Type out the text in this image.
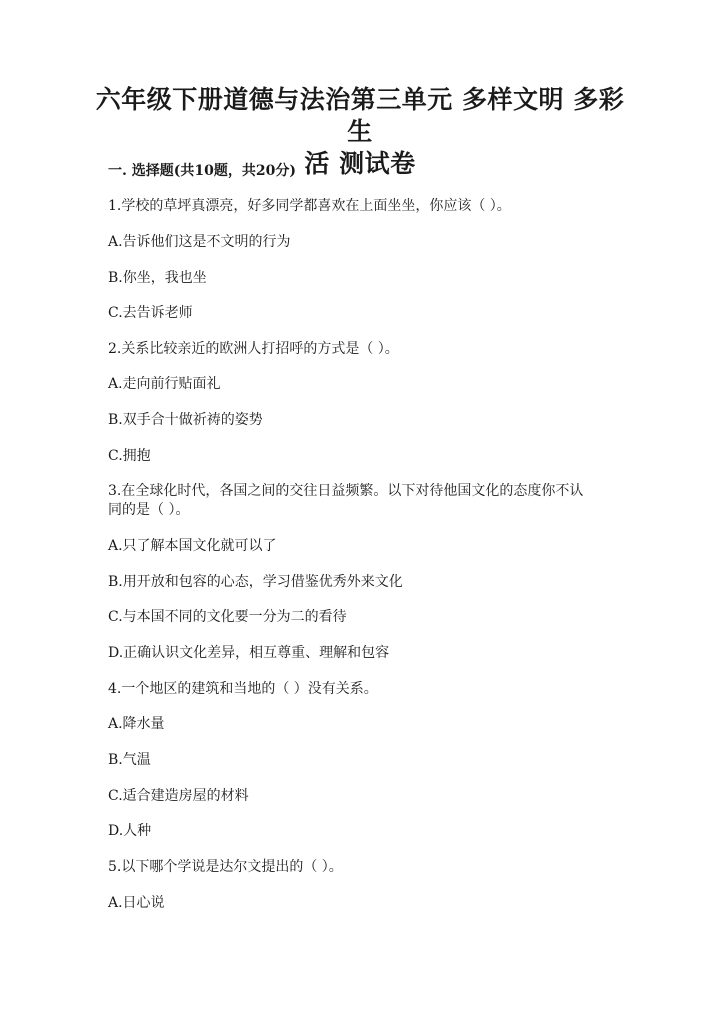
六年级下册道德与法治第三单元 多样文明 多彩生
活 测试卷
一. 选择题(共10题，共20分)
1.学校的草坪真漂亮，好多同学都喜欢在上面坐坐，你应该（ ）。
A.告诉他们这是不文明的行为
B.你坐，我也坐
C.去告诉老师
2.关系比较亲近的欧洲人打招呼的方式是（ ）。
A.走向前行贴面礼
B.双手合十做祈祷的姿势
C.拥抱
3.在全球化时代，各国之间的交往日益频繁。以下对待他国文化的态度你不认
同的是（ ）。
A.只了解本国文化就可以了
B.用开放和包容的心态，学习借鉴优秀外来文化
C.与本国不同的文化要一分为二的看待
D.正确认识文化差异，相互尊重、理解和包容
4.一个地区的建筑和当地的（ ）没有关系。
A.降水量
B.气温
C.适合建造房屋的材料
D.人种
5.以下哪个学说是达尔文提出的（ ）。
A.日心说
